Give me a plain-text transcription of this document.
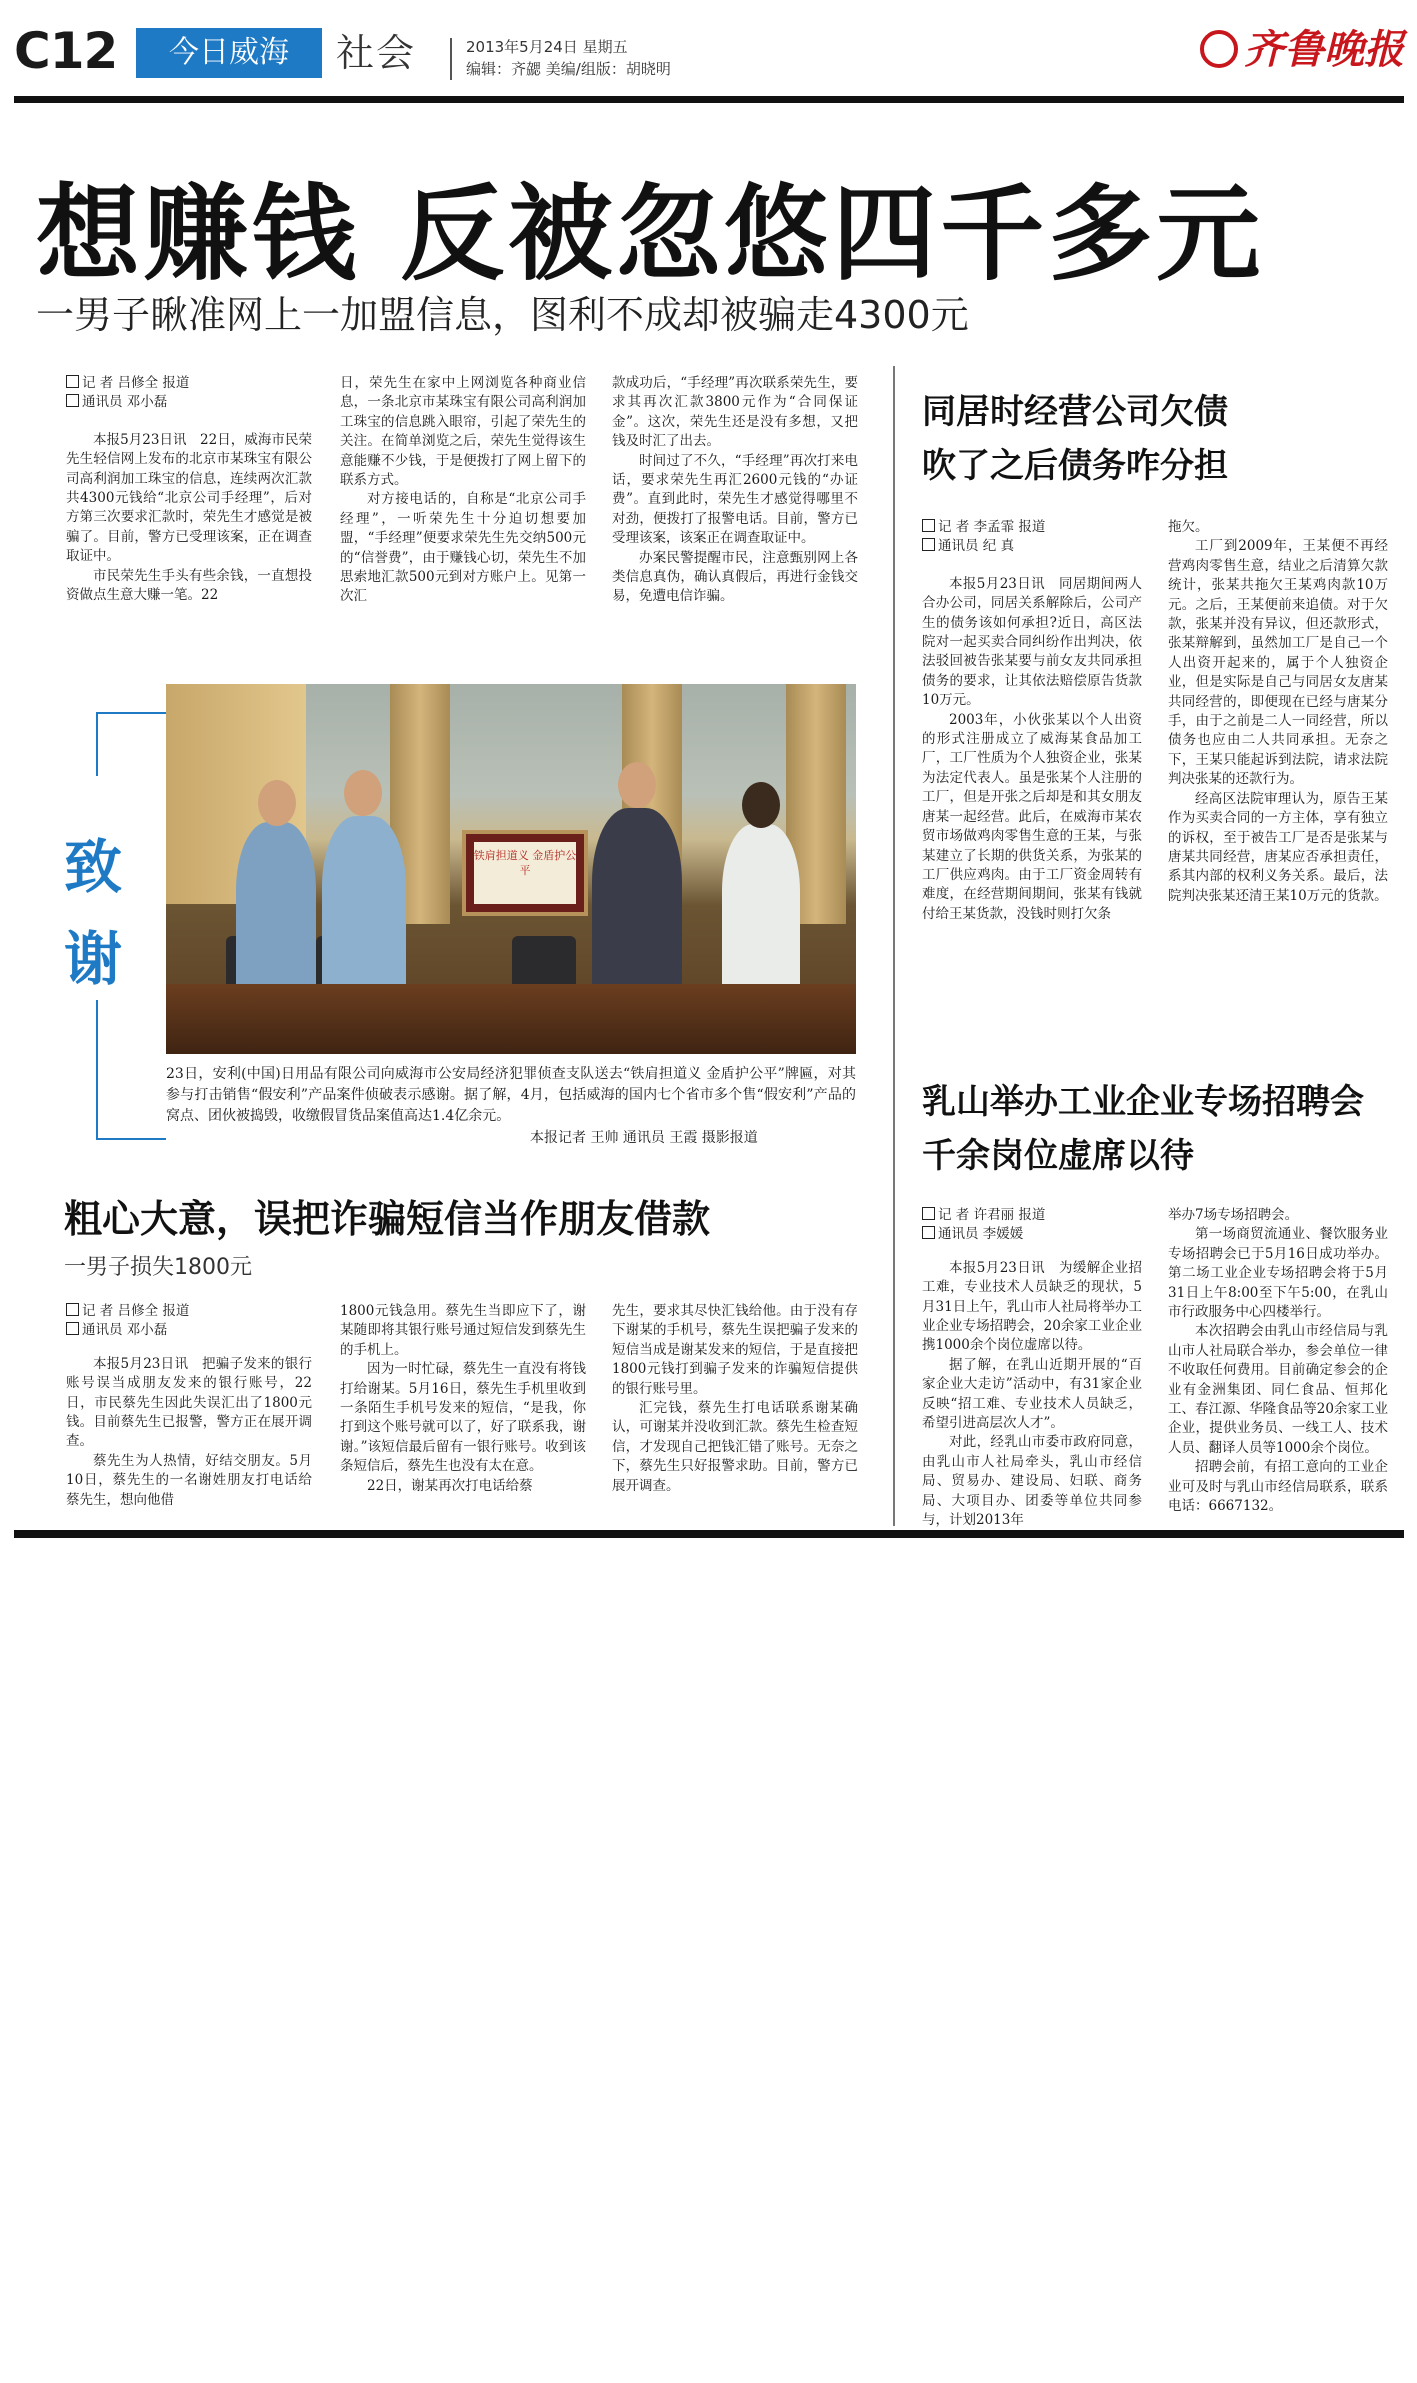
C12	今日威海	社会	2013年5月24日 星期五
编辑：齐勰 美编/组版：胡晓明	齐鲁晚报
想赚钱 反被忽悠四千多元
一男子瞅准网上一加盟信息，图利不成却被骗走4300元
记 者 吕修全 报道
通讯员 邓小磊

本报5月23日讯　22日，威海市民荣先生轻信网上发布的北京市某珠宝有限公司高利润加工珠宝的信息，连续两次汇款共4300元钱给“北京公司手经理”，后对方第三次要求汇款时，荣先生才感觉是被骗了。目前，警方已受理该案，正在调查取证中。

市民荣先生手头有些余钱，一直想投资做点生意大赚一笔。22

日，荣先生在家中上网浏览各种商业信息，一条北京市某珠宝有限公司高利润加工珠宝的信息跳入眼帘，引起了荣先生的关注。在简单浏览之后，荣先生觉得该生意能赚不少钱，于是便拨打了网上留下的联系方式。

对方接电话的，自称是“北京公司手经理”，一听荣先生十分迫切想要加盟，“手经理”便要求荣先生先交纳500元的“信誉费”，由于赚钱心切，荣先生不加思索地汇款500元到对方账户上。见第一次汇

款成功后，“手经理”再次联系荣先生，要求其再次汇款3800元作为“合同保证金”。这次，荣先生还是没有多想，又把钱及时汇了出去。

时间过了不久，“手经理”再次打来电话，要求荣先生再汇2600元钱的“办证费”。直到此时，荣先生才感觉得哪里不对劲，便拨打了报警电话。目前，警方已受理该案，该案正在调查取证中。

办案民警提醒市民，注意甄别网上各类信息真伪，确认真假后，再进行金钱交易，免遭电信诈骗。

致
谢
铁肩担道义 金盾护公平
23日，安利(中国)日用品有限公司向威海市公安局经济犯罪侦查支队送去“铁肩担道义 金盾护公平”牌匾，对其参与打击销售“假安利”产品案件侦破表示感谢。据了解，4月，包括威海的国内七个省市多个售“假安利”产品的窝点、团伙被捣毁，收缴假冒货品案值高达1.4亿余元。
本报记者 王帅 通讯员 王霞 摄影报道
粗心大意，误把诈骗短信当作朋友借款
一男子损失1800元
记 者 吕修全 报道
通讯员 邓小磊

本报5月23日讯　把骗子发来的银行账号误当成朋友发来的银行账号，22日，市民蔡先生因此失误汇出了1800元钱。目前蔡先生已报警，警方正在展开调查。

蔡先生为人热情，好结交朋友。5月10日，蔡先生的一名谢姓朋友打电话给蔡先生，想向他借

1800元钱急用。蔡先生当即应下了，谢某随即将其银行账号通过短信发到蔡先生的手机上。

因为一时忙碌，蔡先生一直没有将钱打给谢某。5月16日，蔡先生手机里收到一条陌生手机号发来的短信，“是我，你打到这个账号就可以了，好了联系我，谢谢。”该短信最后留有一银行账号。收到该条短信后，蔡先生也没有太在意。

22日，谢某再次打电话给蔡

先生，要求其尽快汇钱给他。由于没有存下谢某的手机号，蔡先生误把骗子发来的短信当成是谢某发来的短信，于是直接把1800元钱打到骗子发来的诈骗短信提供的银行账号里。

汇完钱，蔡先生打电话联系谢某确认，可谢某并没收到汇款。蔡先生检查短信，才发现自己把钱汇错了账号。无奈之下，蔡先生只好报警求助。目前，警方已展开调查。

同居时经营公司欠债
吹了之后债务咋分担
记 者 李孟霏 报道
通讯员 纪 真

本报5月23日讯　同居期间两人合办公司，同居关系解除后，公司产生的债务该如何承担?近日，高区法院对一起买卖合同纠纷作出判决，依法驳回被告张某要与前女友共同承担债务的要求，让其依法赔偿原告货款10万元。

2003年，小伙张某以个人出资的形式注册成立了威海某食品加工厂，工厂性质为个人独资企业，张某为法定代表人。虽是张某个人注册的工厂，但是开张之后却是和其女朋友唐某一起经营。此后，在威海市某农贸市场做鸡肉零售生意的王某，与张某建立了长期的供货关系，为张某的工厂供应鸡肉。由于工厂资金周转有难度，在经营期间期间，张某有钱就付给王某货款，没钱时则打欠条

拖欠。

工厂到2009年，王某便不再经营鸡肉零售生意，结业之后清算欠款统计，张某共拖欠王某鸡肉款10万元。之后，王某便前来追债。对于欠款，张某并没有异议，但还款形式，张某辩解到，虽然加工厂是自己一个人出资开起来的，属于个人独资企业，但是实际是自己与同居女友唐某共同经营的，即便现在已经与唐某分手，由于之前是二人一同经营，所以债务也应由二人共同承担。无奈之下，王某只能起诉到法院，请求法院判决张某的还款行为。

经高区法院审理认为，原告王某作为买卖合同的一方主体，享有独立的诉权，至于被告工厂是否是张某与唐某共同经营，唐某应否承担责任，系其内部的权利义务关系。最后，法院判决张某还清王某10万元的货款。

乳山举办工业企业专场招聘会
千余岗位虚席以待
记 者 许君丽 报道
通讯员 李媛媛

本报5月23日讯　为缓解企业招工难，专业技术人员缺乏的现状，5月31日上午，乳山市人社局将举办工业企业专场招聘会，20余家工业企业携1000余个岗位虚席以待。

据了解，在乳山近期开展的“百家企业大走访”活动中，有31家企业反映“招工难、专业技术人员缺乏，希望引进高层次人才”。

对此，经乳山市委市政府同意，由乳山市人社局牵头，乳山市经信局、贸易办、建设局、妇联、商务局、大项目办、团委等单位共同参与，计划2013年

举办7场专场招聘会。

第一场商贸流通业、餐饮服务业专场招聘会已于5月16日成功举办。第二场工业企业专场招聘会将于5月31日上午8:00至下午5:00，在乳山市行政服务中心四楼举行。

本次招聘会由乳山市经信局与乳山市人社局联合举办，参会单位一律不收取任何费用。目前确定参会的企业有金洲集团、同仁食品、恒邦化工、春江源、华隆食品等20余家工业企业，提供业务员、一线工人、技术人员、翻译人员等1000余个岗位。

招聘会前，有招工意向的工业企业可及时与乳山市经信局联系，联系电话：6667132。
